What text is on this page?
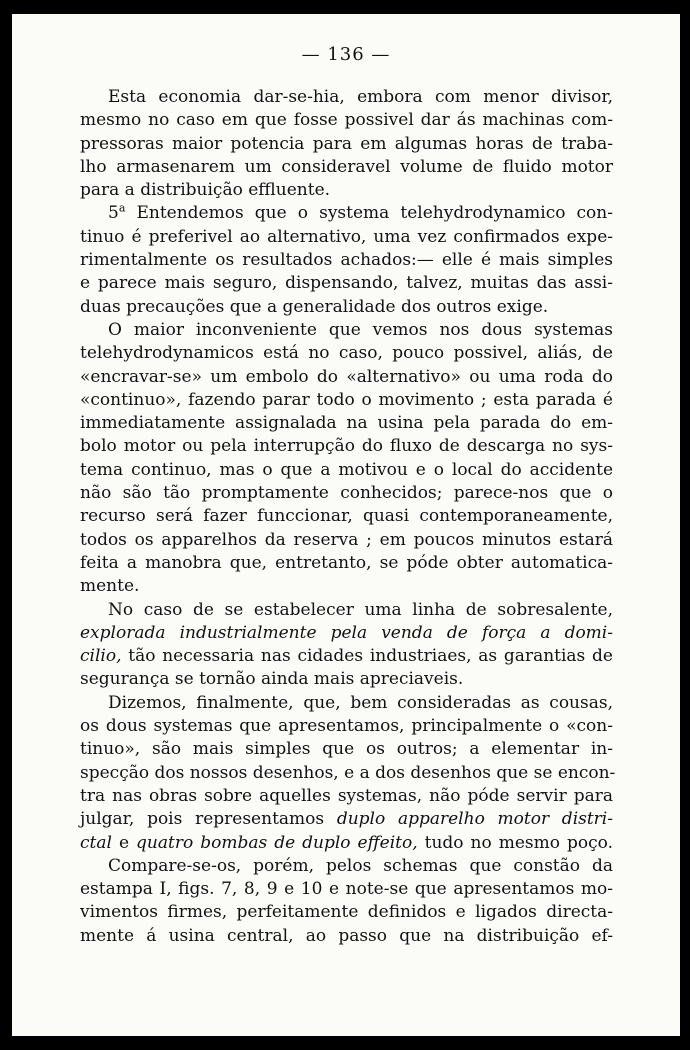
— 136 —
Esta economia dar-se-hia, embora com menor divisor,
mesmo no caso em que fosse possivel dar ás machinas com-
pressoras maior potencia para em algumas horas de traba-
lho armasenarem um consideravel volume de fluido motor
para a distribuição effluente.
5$^a$ Entendemos que o systema telehydrodynamico con-
tinuo é preferivel ao alternativo, uma vez confirmados expe-
rimentalmente os resultados achados:— elle é mais simples
e parece mais seguro, dispensando, talvez, muitas das assi-
duas precauções que a generalidade dos outros exige.
O maior inconveniente que vemos nos dous systemas
telehydrodynamicos está no caso, pouco possivel, aliás, de
«encravar-se» um embolo do «alternativo» ou uma roda do
«continuo», fazendo parar todo o movimento ; esta parada é
immediatamente assignalada na usina pela parada do em-
bolo motor ou pela interrupção do fluxo de descarga no sys-
tema continuo, mas o que a motivou e o local do accidente
não são tão promptamente conhecidos; parece-nos que o
recurso será fazer funccionar, quasi contemporaneamente,
todos os apparelhos da reserva ; em poucos minutos estará
feita a manobra que, entretanto, se póde obter automatica-
mente.
No caso de se estabelecer uma linha de sobresalente,
explorada industrialmente pela venda de força a domi-
cilio, tão necessaria nas cidades industriaes, as garantias de
segurança se tornão ainda mais apreciaveis.
Dizemos, finalmente, que, bem consideradas as cousas,
os dous systemas que apresentamos, principalmente o «con-
tinuo», são mais simples que os outros; a elementar in-
specção dos nossos desenhos, e a dos desenhos que se encon-
tra nas obras sobre aquelles systemas, não póde servir para
julgar, pois representamos duplo apparelho motor distri-
ctal e quatro bombas de duplo effeito, tudo no mesmo poço.
Compare-se-os, porém, pelos schemas que constão da
estampa I, figs. 7, 8, 9 e 10 e note-se que apresentamos mo-
vimentos firmes, perfeitamente definidos e ligados directa-
mente á usina central, ao passo que na distribuição ef-
